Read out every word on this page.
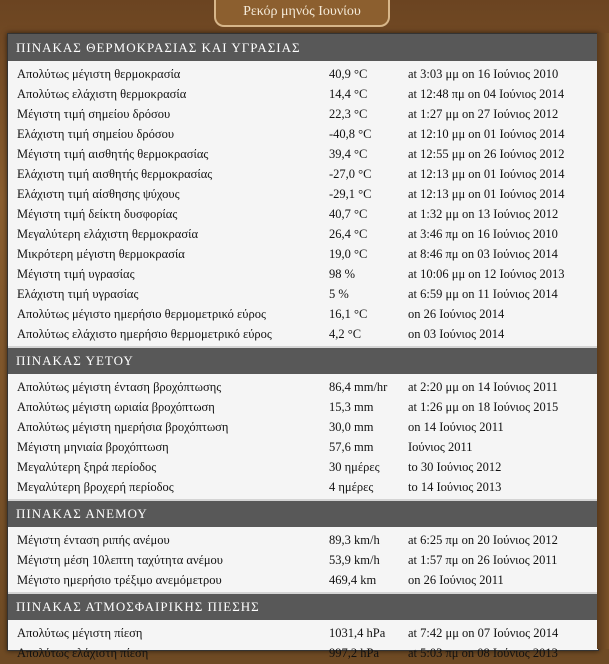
Ρεκόρ μηνός Ιουνίου
ΠΙΝΑΚΑΣ ΘΕΡΜΟΚΡΑΣΙΑΣ ΚΑΙ ΥΓΡΑΣΙΑΣ
Απολύτως μέγιστη θερμοκρασία	40,9 °C	at 3:03 μμ on 16 Ιούνιος 2010
Απολύτως ελάχιστη θερμοκρασία	14,4 °C	at 12:48 πμ on 04 Ιούνιος 2014
Μέγιστη τιμή σημείου δρόσου	22,3 °C	at 1:27 μμ on 27 Ιούνιος 2012
Ελάχιστη τιμή σημείου δρόσου	-40,8 °C	at 12:10 μμ on 01 Ιούνιος 2014
Μέγιστη τιμή αισθητής θερμοκρασίας	39,4 °C	at 12:55 μμ on 26 Ιούνιος 2012
Ελάχιστη τιμή αισθητής θερμοκρασίας	-27,0 °C	at 12:13 μμ on 01 Ιούνιος 2014
Ελάχιστη τιμή αίσθησης ψύχους	-29,1 °C	at 12:13 μμ on 01 Ιούνιος 2014
Μέγιστη τιμή δείκτη δυσφορίας	40,7 °C	at 1:32 μμ on 13 Ιούνιος 2012
Μεγαλύτερη ελάχιστη θερμοκρασία	26,4 °C	at 3:46 πμ on 16 Ιούνιος 2010
Μικρότερη μέγιστη θερμοκρασία	19,0 °C	at 8:46 πμ on 03 Ιούνιος 2014
Μέγιστη τιμή υγρασίας	98 %	at 10:06 μμ on 12 Ιούνιος 2013
Ελάχιστη τιμή υγρασίας	5 %	at 6:59 μμ on 11 Ιούνιος 2014
Απολύτως μέγιστο ημερήσιο θερμομετρικό εύρος	16,1 °C	on 26 Ιούνιος 2014
Απολύτως ελάχιστο ημερήσιο θερμομετρικό εύρος	4,2 °C	on 03 Ιούνιος 2014
ΠΙΝΑΚΑΣ ΥΕΤΟΥ
Απολύτως μέγιστη ένταση βροχόπτωσης	86,4 mm/hr	at 2:20 μμ on 14 Ιούνιος 2011
Απολύτως μέγιστη ωριαία βροχόπτωση	15,3 mm	at 1:26 μμ on 18 Ιούνιος 2015
Απολύτως μέγιστη ημερήσια βροχόπτωση	30,0 mm	on 14 Ιούνιος 2011
Μέγιστη μηνιαία βροχόπτωση	57,6 mm	Ιούνιος 2011
Μεγαλύτερη ξηρά περίοδος	30 ημέρες	to 30 Ιούνιος 2012
Μεγαλύτερη βροχερή περίοδος	4 ημέρες	to 14 Ιούνιος 2013
ΠΙΝΑΚΑΣ ΑΝΕΜΟΥ
Μέγιστη ένταση ριπής ανέμου	89,3 km/h	at 6:25 πμ on 20 Ιούνιος 2012
Μέγιστη μέση 10λεπτη ταχύτητα ανέμου	53,9 km/h	at 1:57 πμ on 26 Ιούνιος 2011
Μέγιστο ημερήσιο τρέξιμο ανεμόμετρου	469,4 km	on 26 Ιούνιος 2011
ΠΙΝΑΚΑΣ ΑΤΜΟΣΦΑΙΡΙΚΗΣ ΠΙΕΣΗΣ
Απολύτως μέγιστη πίεση	1031,4 hPa	at 7:42 μμ on 07 Ιούνιος 2014
Απολύτως ελάχιστη πίεση	997,2 hPa	at 5:03 πμ on 08 Ιούνιος 2013
